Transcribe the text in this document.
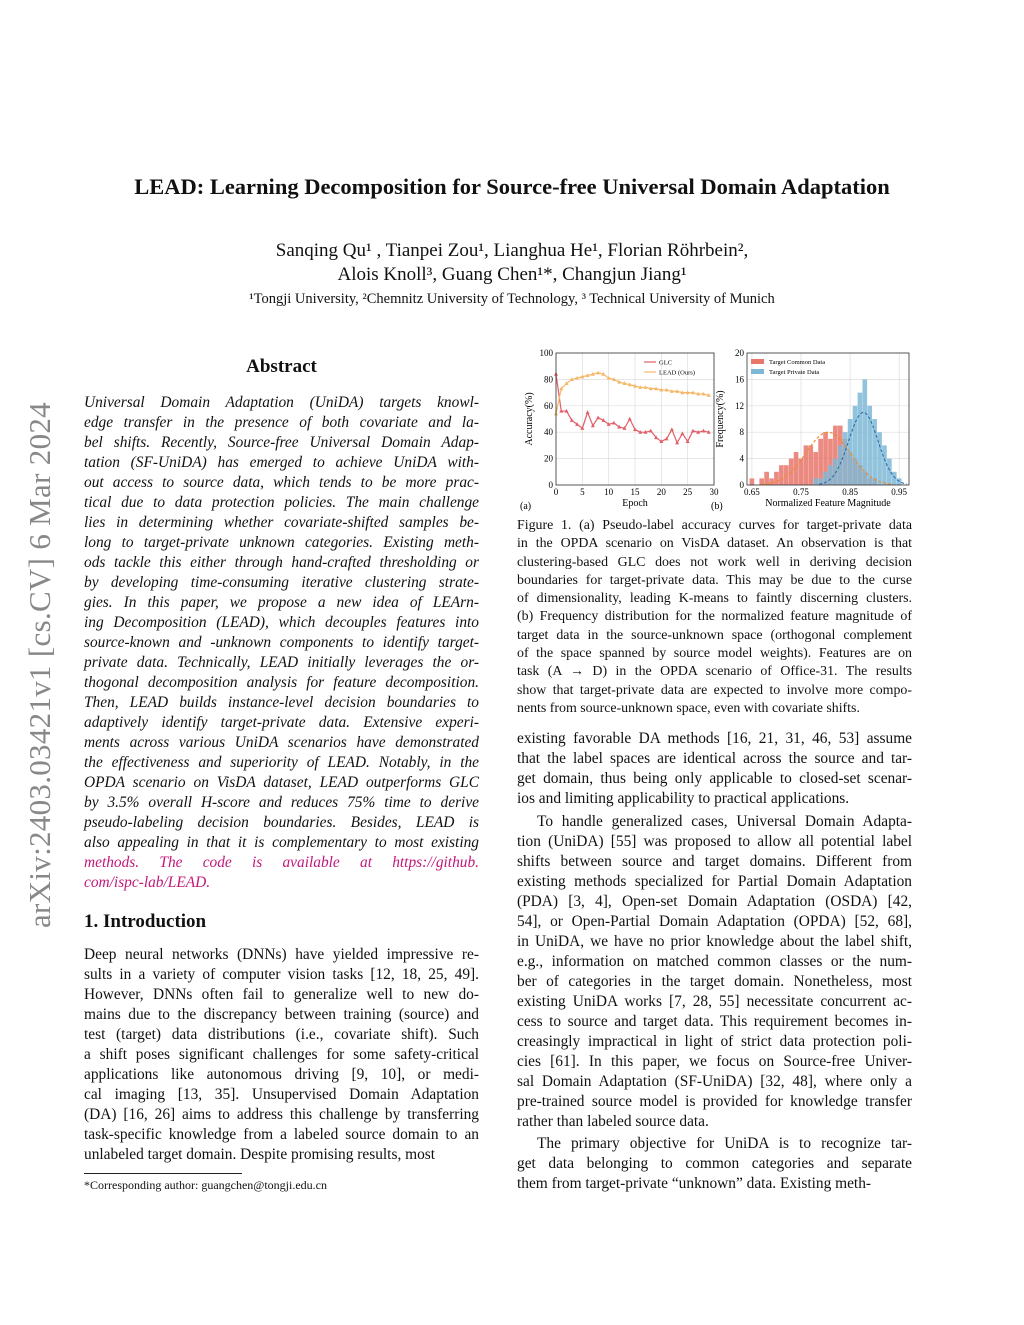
LEAD: Learning Decomposition for Source-free Universal Domain Adaptation
Sanqing Qu¹ , Tianpei Zou¹, Lianghua He¹, Florian Röhrbein²,
Alois Knoll³, Guang Chen¹*, Changjun Jiang¹
¹Tongji University, ²Chemnitz University of Technology, ³ Technical University of Munich
arXiv:2403.03421v1 [cs.CV] 6 Mar 2024
Abstract
Universal Domain Adaptation (UniDA) targets knowl-
edge transfer in the presence of both covariate and la-
bel shifts. Recently, Source-free Universal Domain Adap-
tation (SF-UniDA) has emerged to achieve UniDA with-
out access to source data, which tends to be more prac-
tical due to data protection policies. The main challenge
lies in determining whether covariate-shifted samples be-
long to target-private unknown categories. Existing meth-
ods tackle this either through hand-crafted thresholding or
by developing time-consuming iterative clustering strate-
gies. In this paper, we propose a new idea of LEArn-
ing Decomposition (LEAD), which decouples features into
source-known and -unknown components to identify target-
private data. Technically, LEAD initially leverages the or-
thogonal decomposition analysis for feature decomposition.
Then, LEAD builds instance-level decision boundaries to
adaptively identify target-private data. Extensive experi-
ments across various UniDA scenarios have demonstrated
the effectiveness and superiority of LEAD. Notably, in the
OPDA scenario on VisDA dataset, LEAD outperforms GLC
by 3.5% overall H-score and reduces 75% time to derive
pseudo-labeling decision boundaries. Besides, LEAD is
also appealing in that it is complementary to most existing
methods. The code is available at https://github.
com/ispc-lab/LEAD.
1. Introduction
Deep neural networks (DNNs) have yielded impressive re-
sults in a variety of computer vision tasks [12, 18, 25, 49].
However, DNNs often fail to generalize well to new do-
mains due to the discrepancy between training (source) and
test (target) data distributions (i.e., covariate shift). Such
a shift poses significant challenges for some safety-critical
applications like autonomous driving [9, 10], or medi-
cal imaging [13, 35]. Unsupervised Domain Adaptation
(DA) [16, 26] aims to address this challenge by transferring
task-specific knowledge from a labeled source domain to an
unlabeled target domain. Despite promising results, most
*Corresponding author: guangchen@tongji.edu.cn
0
20
40
60
80
100
0 5 10 15 20 25 30
GLC
LEAD (Ours)
Epoch
Accuracy(%)
(a)
0
4
8
12
16
20
0.65	0.75	0.85	0.95
Target Common Data
Target Private Data
Normalized Feature Magnitude
Frequency(%)
(b)
Figure 1. (a) Pseudo-label accuracy curves for target-private data
in the OPDA scenario on VisDA dataset. An observation is that
clustering-based GLC does not work well in deriving decision
boundaries for target-private data. This may be due to the curse
of dimensionality, leading K-means to faintly discerning clusters.
(b) Frequency distribution for the normalized feature magnitude of
target data in the source-unknown space (orthogonal complement
of the space spanned by source model weights). Features are on
task (A → D) in the OPDA scenario of Office-31. The results
show that target-private data are expected to involve more compo-
nents from source-unknown space, even with covariate shifts.
existing favorable DA methods [16, 21, 31, 46, 53] assume
that the label spaces are identical across the source and tar-
get domain, thus being only applicable to closed-set scenar-
ios and limiting applicability to practical applications.
To handle generalized cases, Universal Domain Adapta-
tion (UniDA) [55] was proposed to allow all potential label
shifts between source and target domains. Different from
existing methods specialized for Partial Domain Adaptation
(PDA) [3, 4], Open-set Domain Adaptation (OSDA) [42,
54], or Open-Partial Domain Adaptation (OPDA) [52, 68],
in UniDA, we have no prior knowledge about the label shift,
e.g., information on matched common classes or the num-
ber of categories in the target domain. Nonetheless, most
existing UniDA works [7, 28, 55] necessitate concurrent ac-
cess to source and target data. This requirement becomes in-
creasingly impractical in light of strict data protection poli-
cies [61]. In this paper, we focus on Source-free Univer-
sal Domain Adaptation (SF-UniDA) [32, 48], where only a
pre-trained source model is provided for knowledge transfer
rather than labeled source data.
The primary objective for UniDA is to recognize tar-
get data belonging to common categories and separate
them from target-private “unknown” data. Existing meth-
